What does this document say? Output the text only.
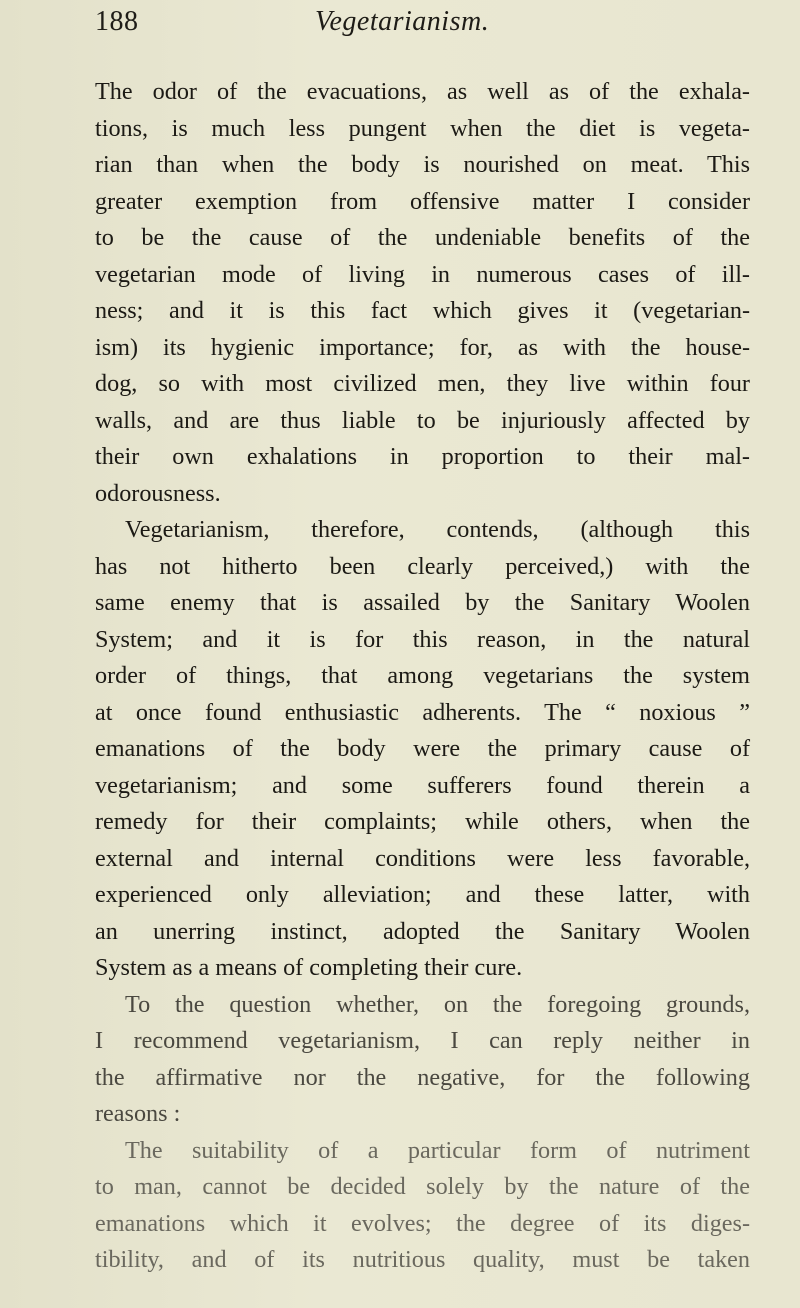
188	Vegetarianism.
The odor of the evacuations, as well as of the exhala-
tions, is much less pungent when the diet is vegeta-
rian than when the body is nourished on meat. This
greater exemption from offensive matter I consider
to be the cause of the undeniable benefits of the
vegetarian mode of living in numerous cases of ill-
ness; and it is this fact which gives it (vegetarian-
ism) its hygienic importance; for, as with the house-
dog, so with most civilized men, they live within four
walls, and are thus liable to be injuriously affected by
their own exhalations in proportion to their mal-
odorousness.
Vegetarianism, therefore, contends, (although this
has not hitherto been clearly perceived,) with the
same enemy that is assailed by the Sanitary Woolen
System; and it is for this reason, in the natural
order of things, that among vegetarians the system
at once found enthusiastic adherents. The “ noxious ”
emanations of the body were the primary cause of
vegetarianism; and some sufferers found therein a
remedy for their complaints; while others, when the
external and internal conditions were less favorable,
experienced only alleviation; and these latter, with
an unerring instinct, adopted the Sanitary Woolen
System as a means of completing their cure.
To the question whether, on the foregoing grounds,
I recommend vegetarianism, I can reply neither in
the affirmative nor the negative, for the following
reasons :
The suitability of a particular form of nutriment
to man, cannot be decided solely by the nature of the
emanations which it evolves; the degree of its diges-
tibility, and of its nutritious quality, must be taken
